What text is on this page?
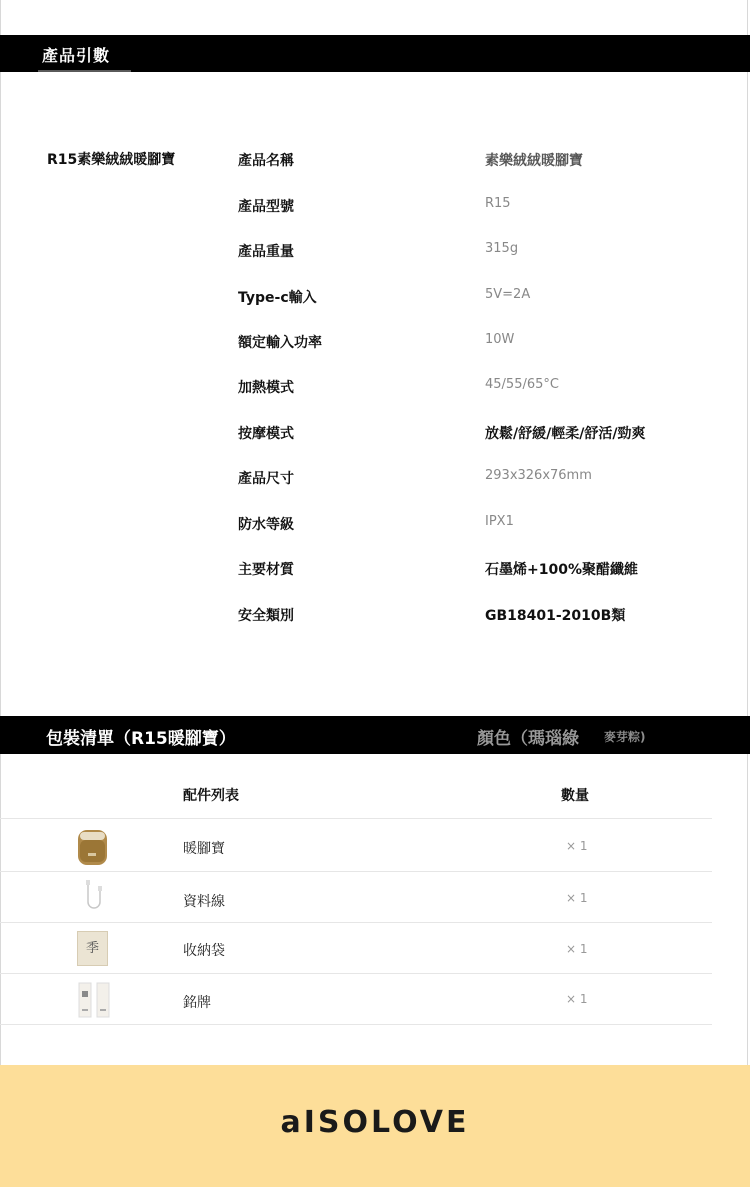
產品引數
R15素樂絨絨暖腳寶	產品名稱	素樂絨絨暖腳寶
產品型號	R15
產品重量	315g
Type-c輸入	5V=2A
額定輸入功率	10W
加熱模式	45/55/65°C
按摩模式	放鬆/舒緩/輕柔/舒活/勁爽
產品尺寸	293x326x76mm
防水等級	IPX1
主要材質	石墨烯+100%聚醋纖維
安全類別	GB18401-2010B類
包裝清單（R15暖腳寶）	顏色（瑪瑙綠 麥芽粽)
配件列表	數量
暖腳寶	× 1
資料線	× 1
季	收納袋	× 1
銘牌	× 1
aISOLOVE
